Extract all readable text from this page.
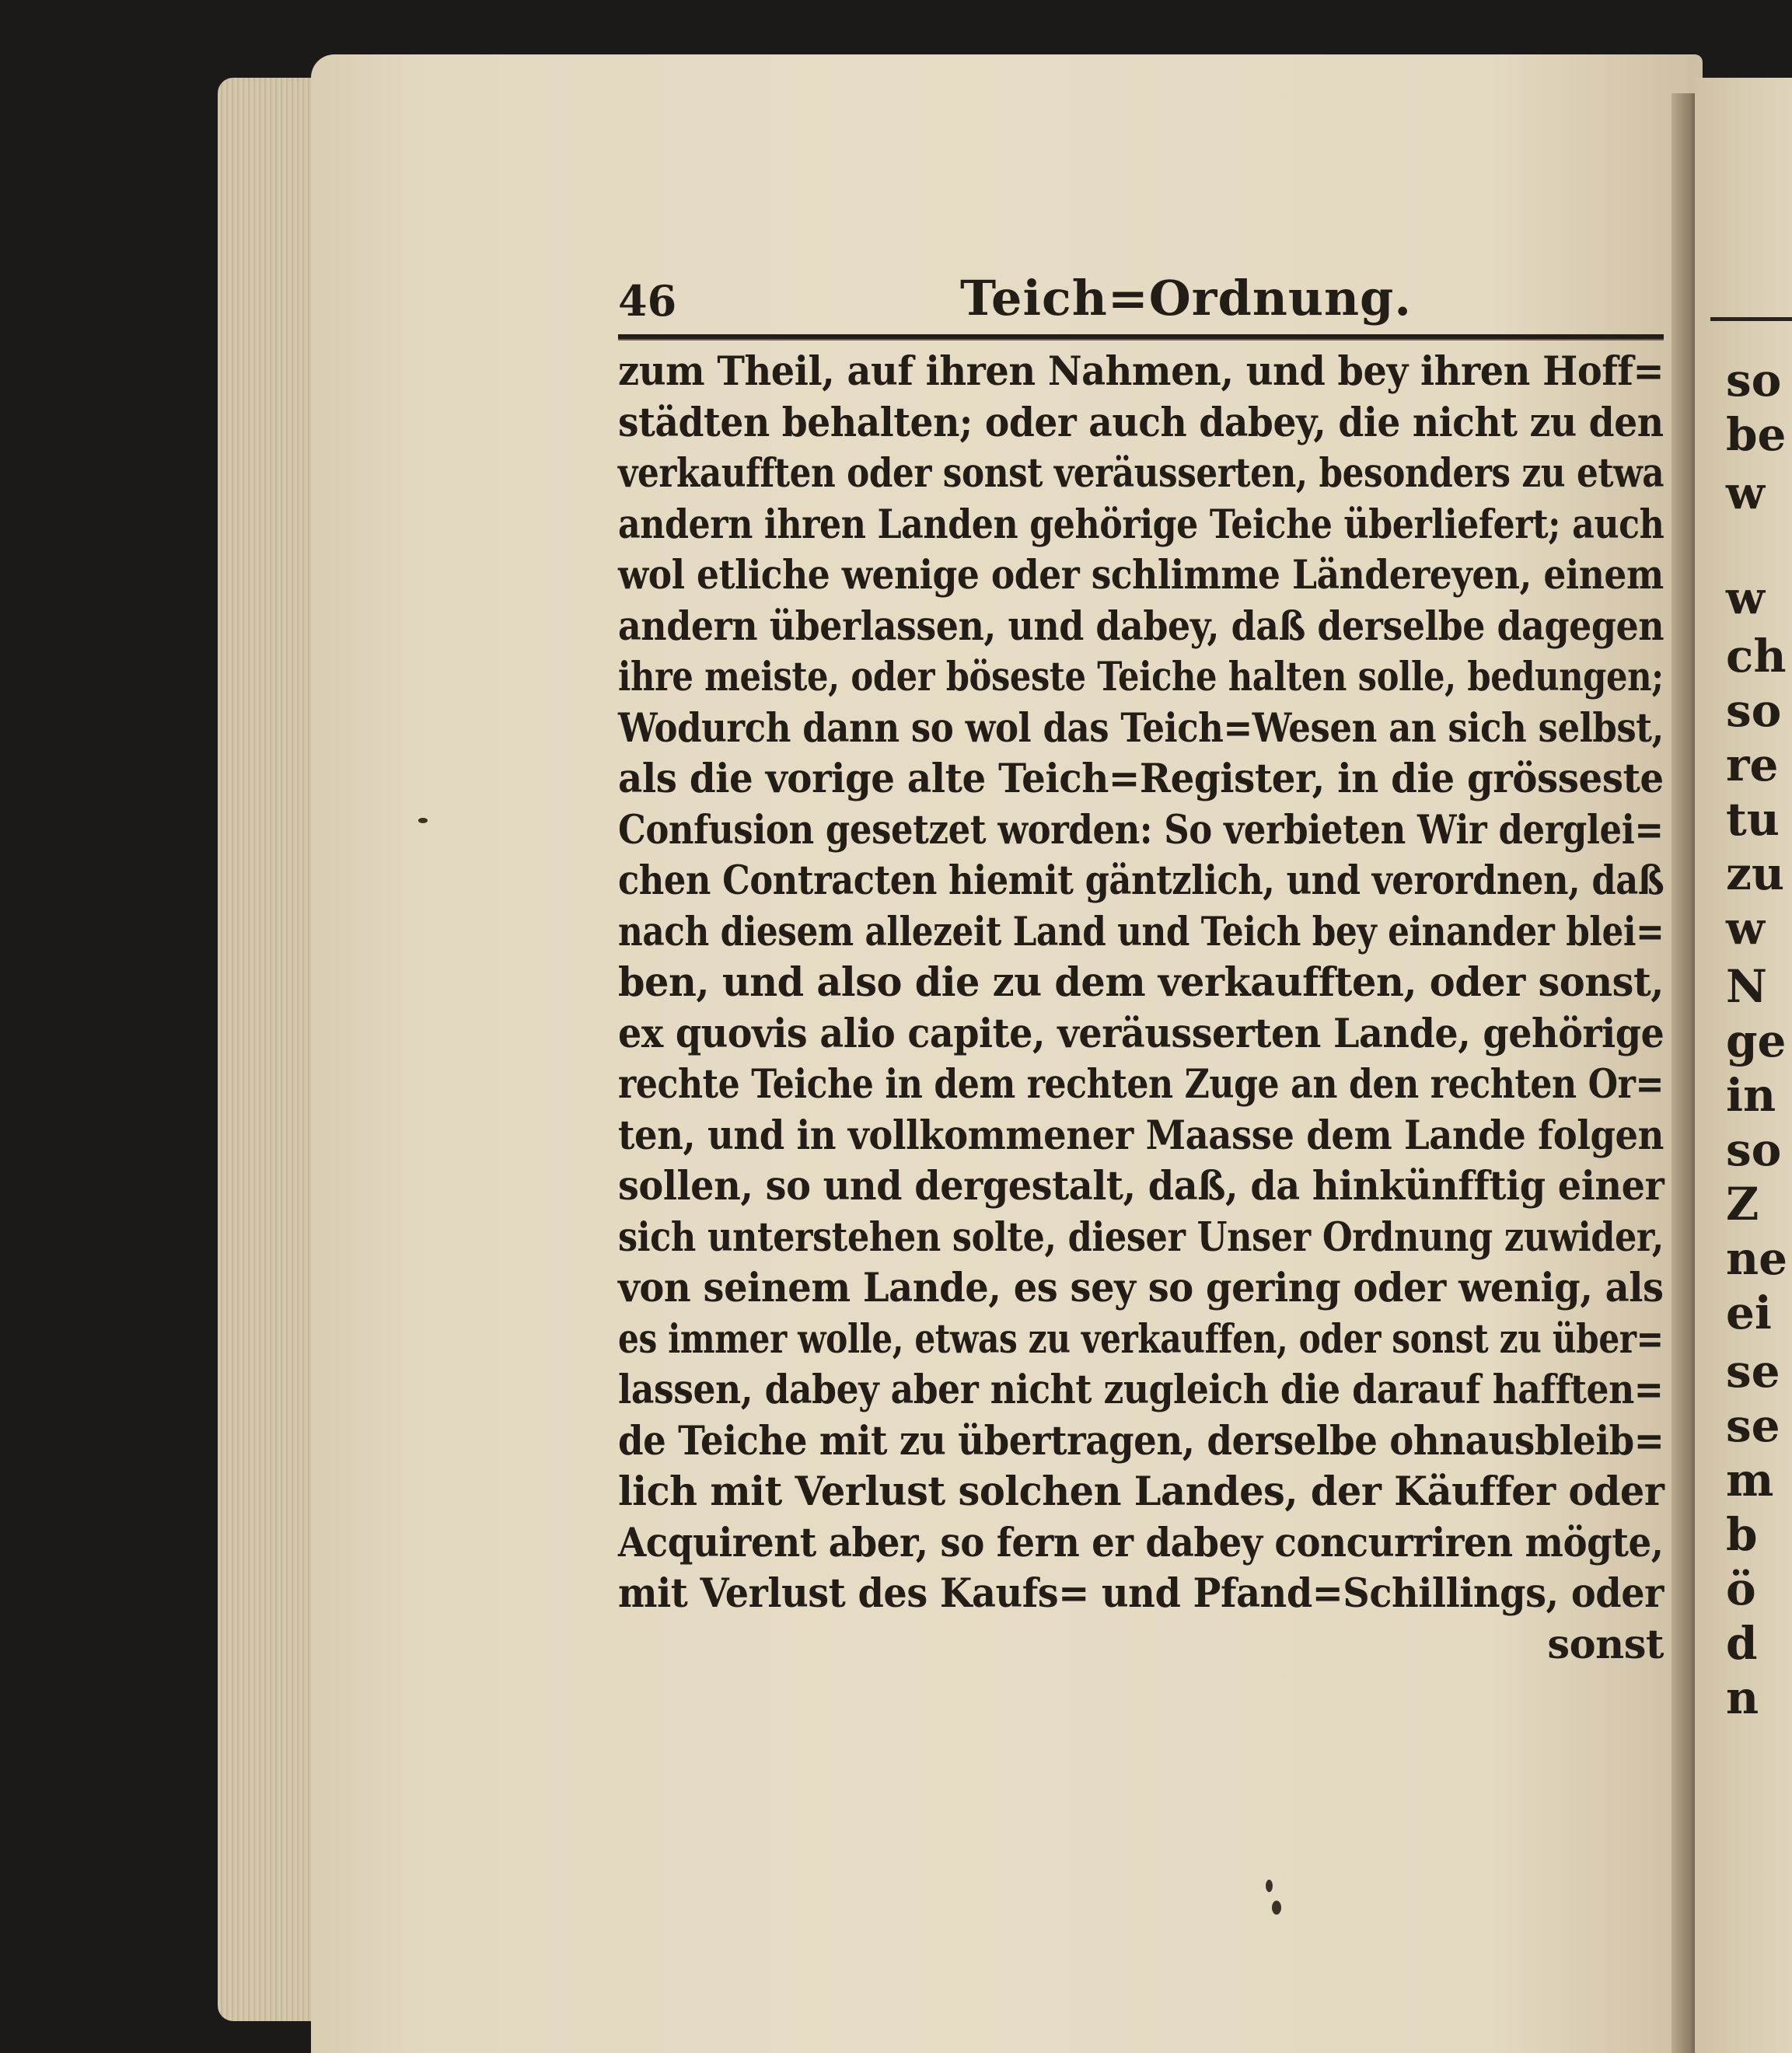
so
be
w
w
ch
so
re
tu
zu
w
N
ge
in
so
Z
ne
ei
se
se
m
b
ö
d
n
46	Teich=Ordnung.
zum Theil, auf ihren Nahmen, und bey ihren Hoff=
städten behalten; oder auch dabey, die nicht zu den
verkaufften oder sonst veräusserten, besonders zu etwa
andern ihren Landen gehörige Teiche überliefert; auch
wol etliche wenige oder schlimme Ländereyen, einem
andern überlassen, und dabey, daß derselbe dagegen
ihre meiste, oder böseste Teiche halten solle, bedungen;
Wodurch dann so wol das Teich=Wesen an sich selbst,
als die vorige alte Teich=Register, in die grösseste
Confusion gesetzet worden: So verbieten Wir derglei=
chen Contracten hiemit gäntzlich, und verordnen, daß
nach diesem allezeit Land und Teich bey einander blei=
ben, und also die zu dem verkaufften, oder sonst,
ex quovis alio capite, veräusserten Lande, gehörige
rechte Teiche in dem rechten Zuge an den rechten Or=
ten, und in vollkommener Maasse dem Lande folgen
sollen, so und dergestalt, daß, da hinkünfftig einer
sich unterstehen solte, dieser Unser Ordnung zuwider,
von seinem Lande, es sey so gering oder wenig, als
es immer wolle, etwas zu verkauffen, oder sonst zu über=
lassen, dabey aber nicht zugleich die darauf hafften=
de Teiche mit zu übertragen, derselbe ohnausbleib=
lich mit Verlust solchen Landes, der Käuffer oder
Acquirent aber, so fern er dabey concurriren mögte,
mit Verlust des Kaufs= und Pfand=Schillings, oder
sonst
